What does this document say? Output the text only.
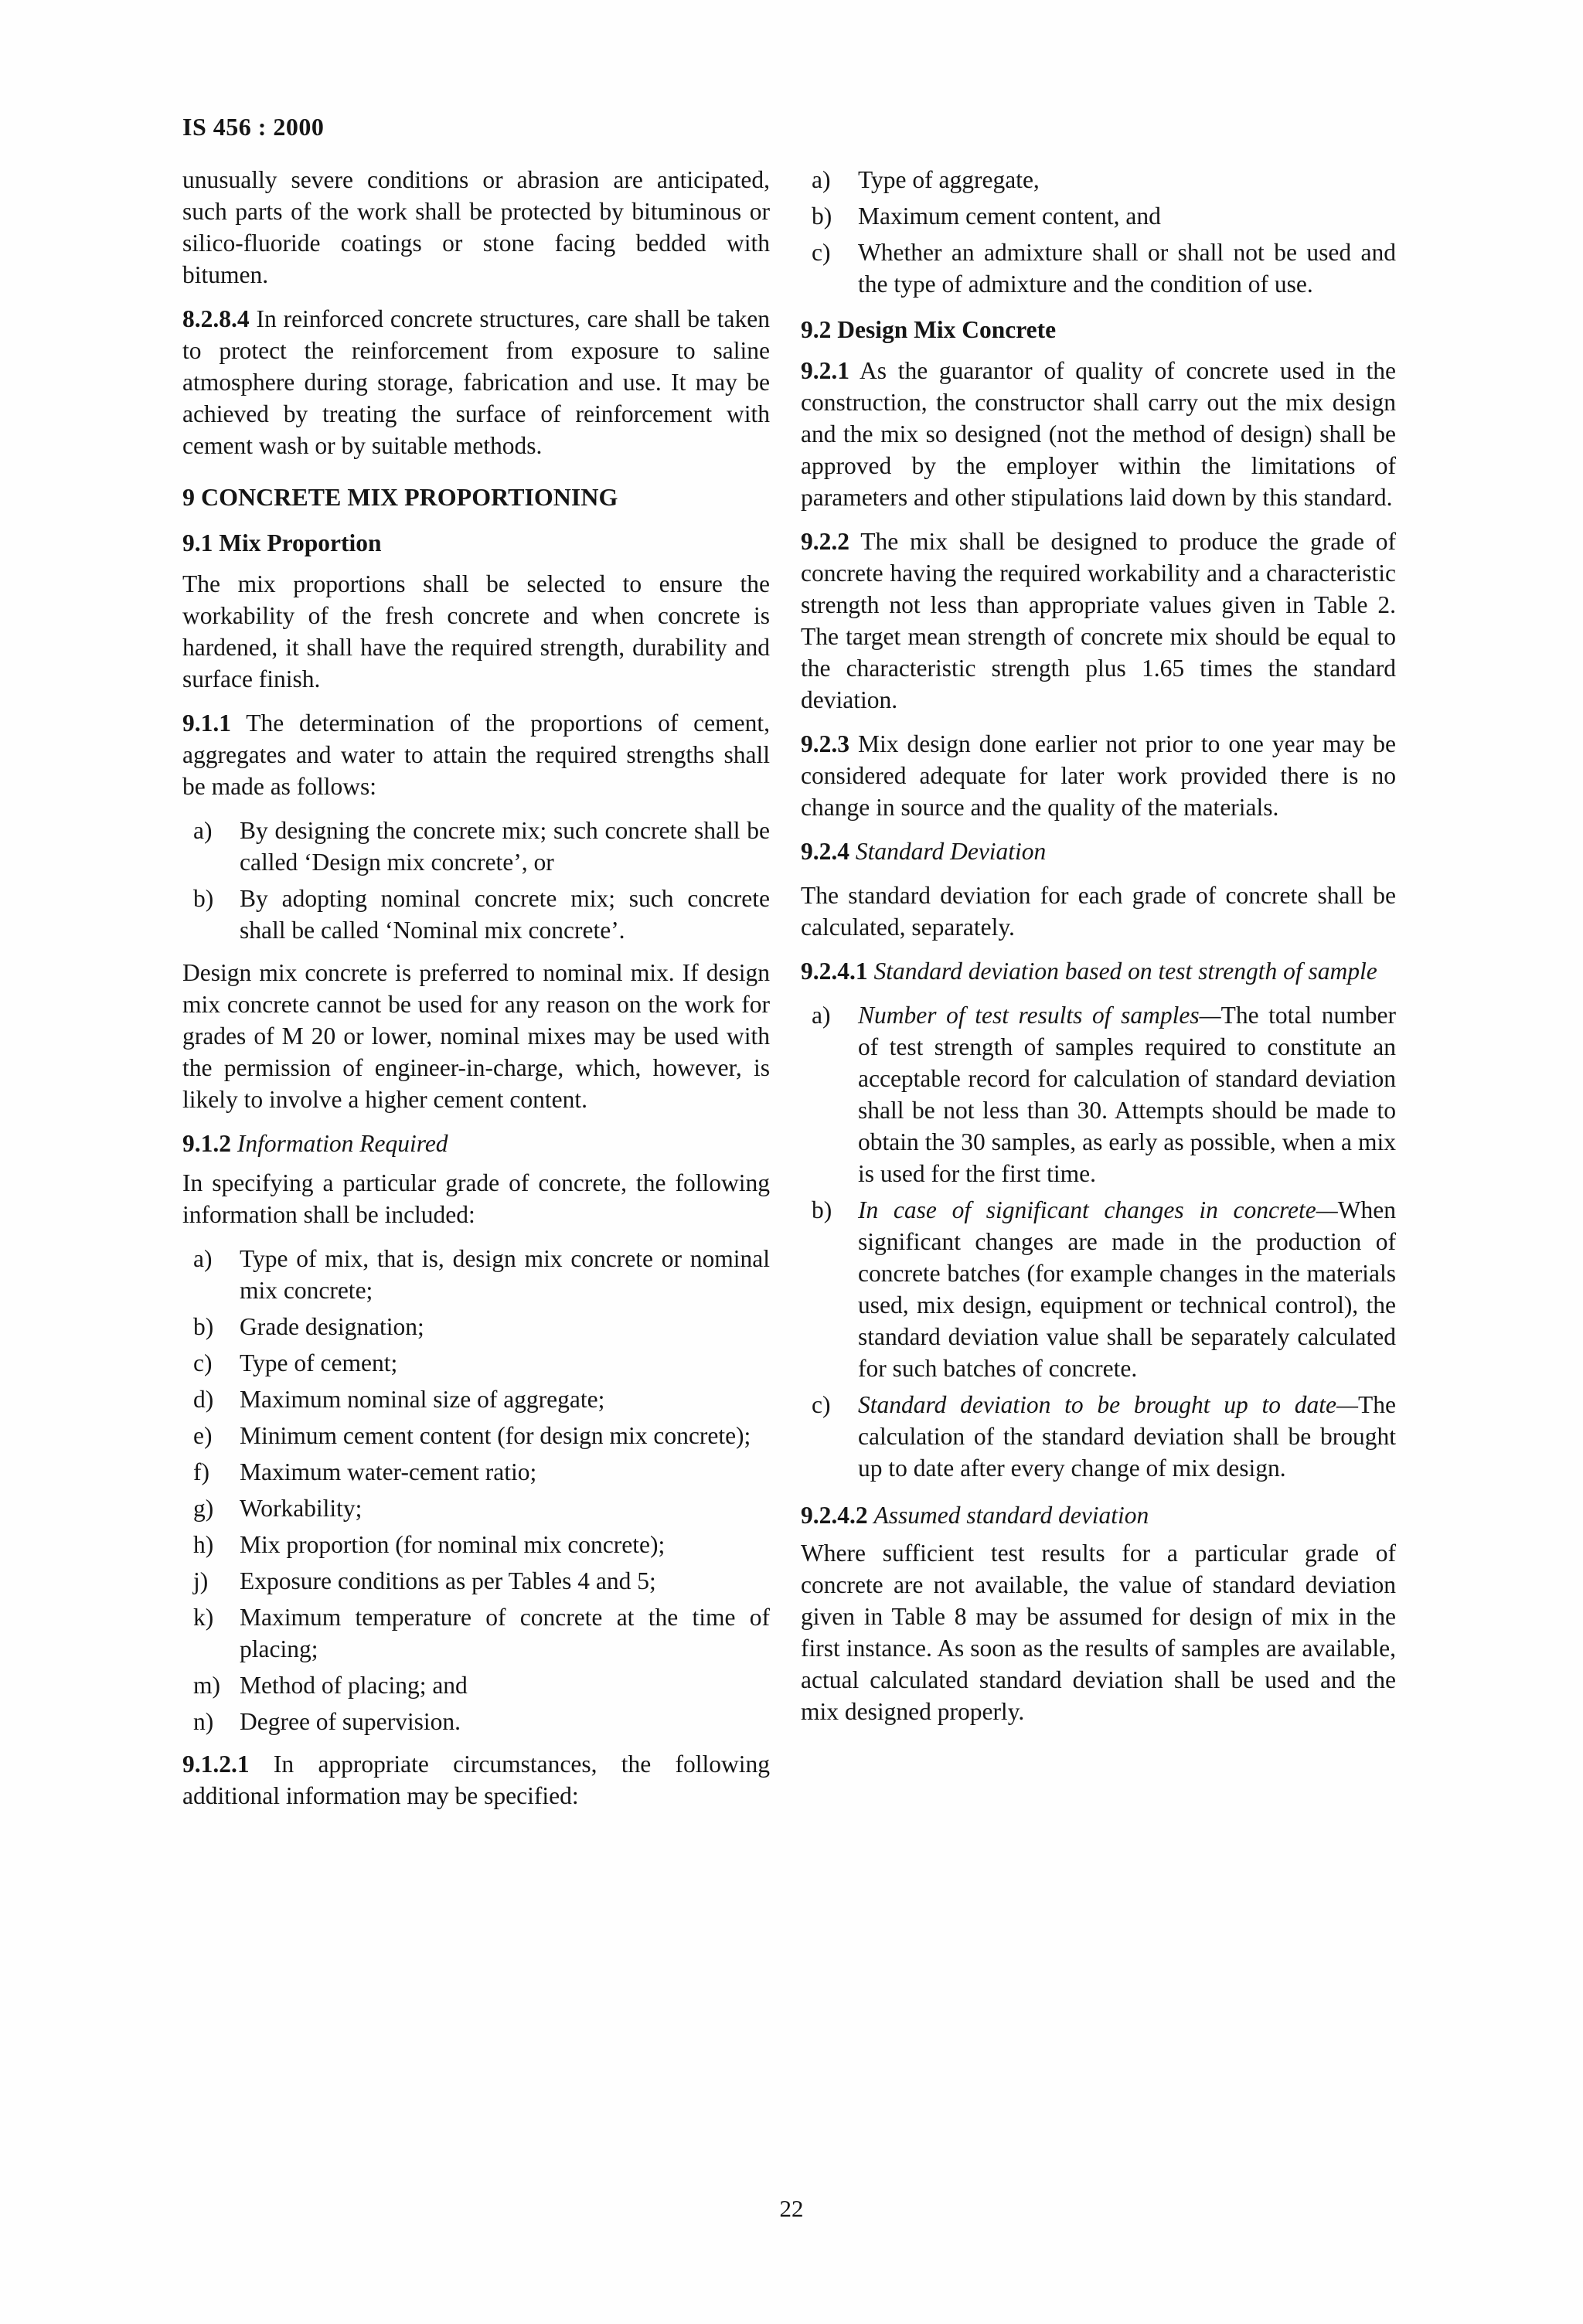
IS 456 : 2000

unusually severe conditions or abrasion are anticipated, such parts of the work shall be protected by bituminous or silico-fluoride coatings or stone facing bedded with bitumen.

8.2.8.4 In reinforced concrete structures, care shall be taken to protect the reinforcement from exposure to saline atmosphere during storage, fabrication and use. It may be achieved by treating the surface of reinforcement with cement wash or by suitable methods.

9 CONCRETE MIX PROPORTIONING
9.1 Mix Proportion

The mix proportions shall be selected to ensure the workability of the fresh concrete and when concrete is hardened, it shall have the required strength, durability and surface finish.

9.1.1 The determination of the proportions of cement, aggregates and water to attain the required strengths shall be made as follows:

a)	By designing the concrete mix; such concrete shall be called ‘Design mix concrete’, or
b)	By adopting nominal concrete mix; such concrete shall be called ‘Nominal mix concrete’.

Design mix concrete is preferred to nominal mix. If design mix concrete cannot be used for any reason on the work for grades of M 20 or lower, nominal mixes may be used with the permission of engineer-in-charge, which, however, is likely to involve a higher cement content.

9.1.2 Information Required

In specifying a particular grade of concrete, the following information shall be included:

a)	Type of mix, that is, design mix concrete or nominal mix concrete;
b)	Grade designation;
c)	Type of cement;
d)	Maximum nominal size of aggregate;
e)	Minimum cement content (for design mix concrete);
f)	Maximum water-cement ratio;
g)	Workability;
h)	Mix proportion (for nominal mix concrete);
j)	Exposure conditions as per Tables 4 and 5;
k)	Maximum temperature of concrete at the time of placing;
m) Method of placing; and
n)	Degree of supervision.

9.1.2.1 In appropriate circumstances, the following additional information may be specified:

a)	Type of aggregate,
b)	Maximum cement content, and
c)	Whether an admixture shall or shall not be used and the type of admixture and the condition of use.
9.2 Design Mix Concrete

9.2.1 As the guarantor of quality of concrete used in the construction, the constructor shall carry out the mix design and the mix so designed (not the method of design) shall be approved by the employer within the limitations of parameters and other stipulations laid down by this standard.

9.2.2 The mix shall be designed to produce the grade of concrete having the required workability and a characteristic strength not less than appropriate values given in Table 2. The target mean strength of concrete mix should be equal to the characteristic strength plus 1.65 times the standard deviation.

9.2.3 Mix design done earlier not prior to one year may be considered adequate for later work provided there is no change in source and the quality of the materials.

9.2.4 Standard Deviation

The standard deviation for each grade of concrete shall be calculated, separately.

9.2.4.1 Standard deviation based on test strength of sample

a)	Number of test results of samples—The total number of test strength of samples required to constitute an acceptable record for calculation of standard deviation shall be not less than 30. Attempts should be made to obtain the 30 samples, as early as possible, when a mix is used for the first time.
b)	In case of significant changes in concrete—When significant changes are made in the production of concrete batches (for example changes in the materials used, mix design, equipment or technical control), the standard deviation value shall be separately calculated for such batches of concrete.
c)	Standard deviation to be brought up to date—The calculation of the standard deviation shall be brought up to date after every change of mix design.

9.2.4.2 Assumed standard deviation

Where sufficient test results for a particular grade of concrete are not available, the value of standard deviation given in Table 8 may be assumed for design of mix in the first instance. As soon as the results of samples are available, actual calculated standard deviation shall be used and the mix designed properly.

22
